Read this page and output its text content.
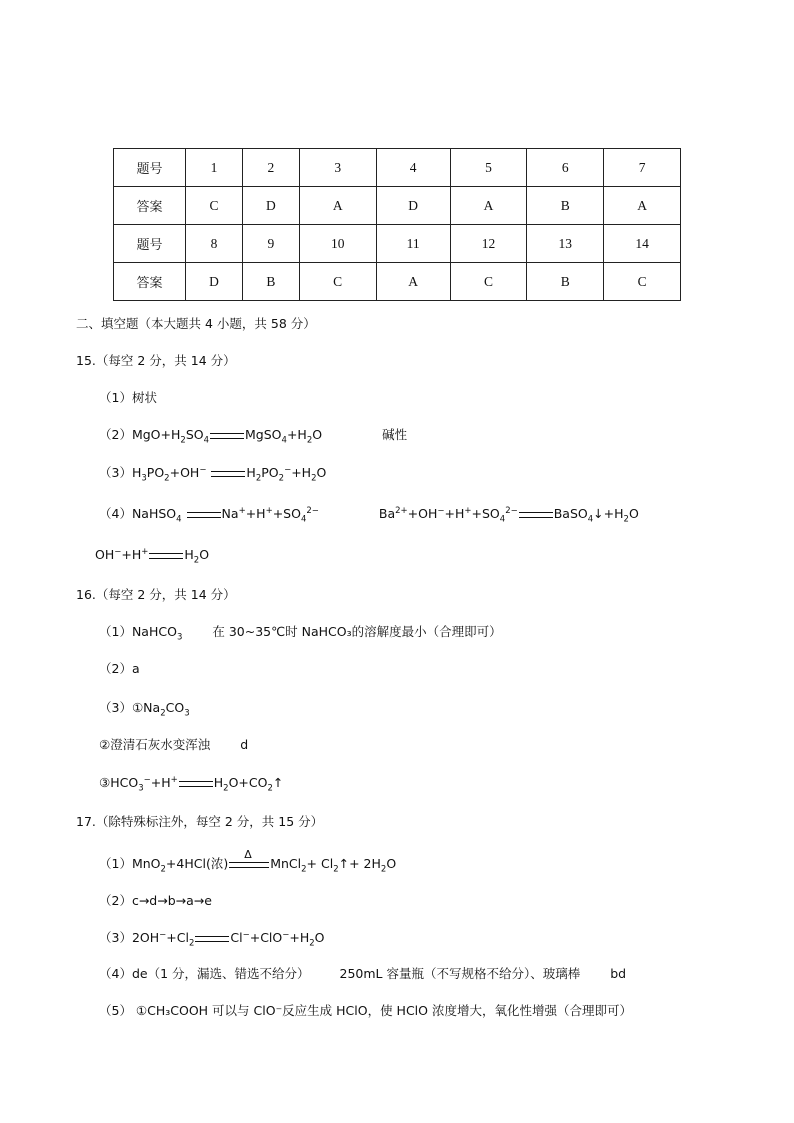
题号	1	2	3	4	5	6	7
答案	C	D	A	D	A	B	A
题号	8	9	10	11	12	13	14
答案	D	B	C	A	C	B	C
二、填空题（本大题共 4 小题，共 58 分）
15.（每空 2 分，共 14 分）
（1）树状
$(2)MgO+H_2SO_4$	$MgSO_4+H_2O$	碱性
$(3)H_3PO_2+OH^-$	$H_2PO_2^-+H_2O$
（4）NaHSO$_4$	$Na^++H^++SO_4^{2-}$	$Ba^{2+}+OH^-+H^++SO_4^{2-}$	$BaSO_4↓+H_2O$
OH−+H+	$H_2O$
16.（每空 2 分，共 14 分）
（1）NaHCO$_3$ 在 30~35℃时 NaHCO₃的溶解度最小（合理即可）
（2）a
$(3)①Na_2CO_3$
②澄清石灰水变浑浊 d
$③HCO_3^-+H^+$	$H_2O+CO_2↑$
17.（除特殊标注外，每空 2 分，共 15 分）
（1）MnO$_2$+4HCl(浓)
Δ
MnCl$_2$+ $Cl_2↑+ 2H_2O$
（2）c→d→b→a→e
$(3)2OH^-+Cl_2$	$Cl^-+ClO^-+H_2O$
（4）de（1 分，漏选、错选不给分） 250mL 容量瓶（不写规格不给分）、玻璃棒 bd
（5） ①CH₃COOH 可以与 ClO⁻反应生成 HClO，使 HClO 浓度增大，氧化性增强（合理即可）
